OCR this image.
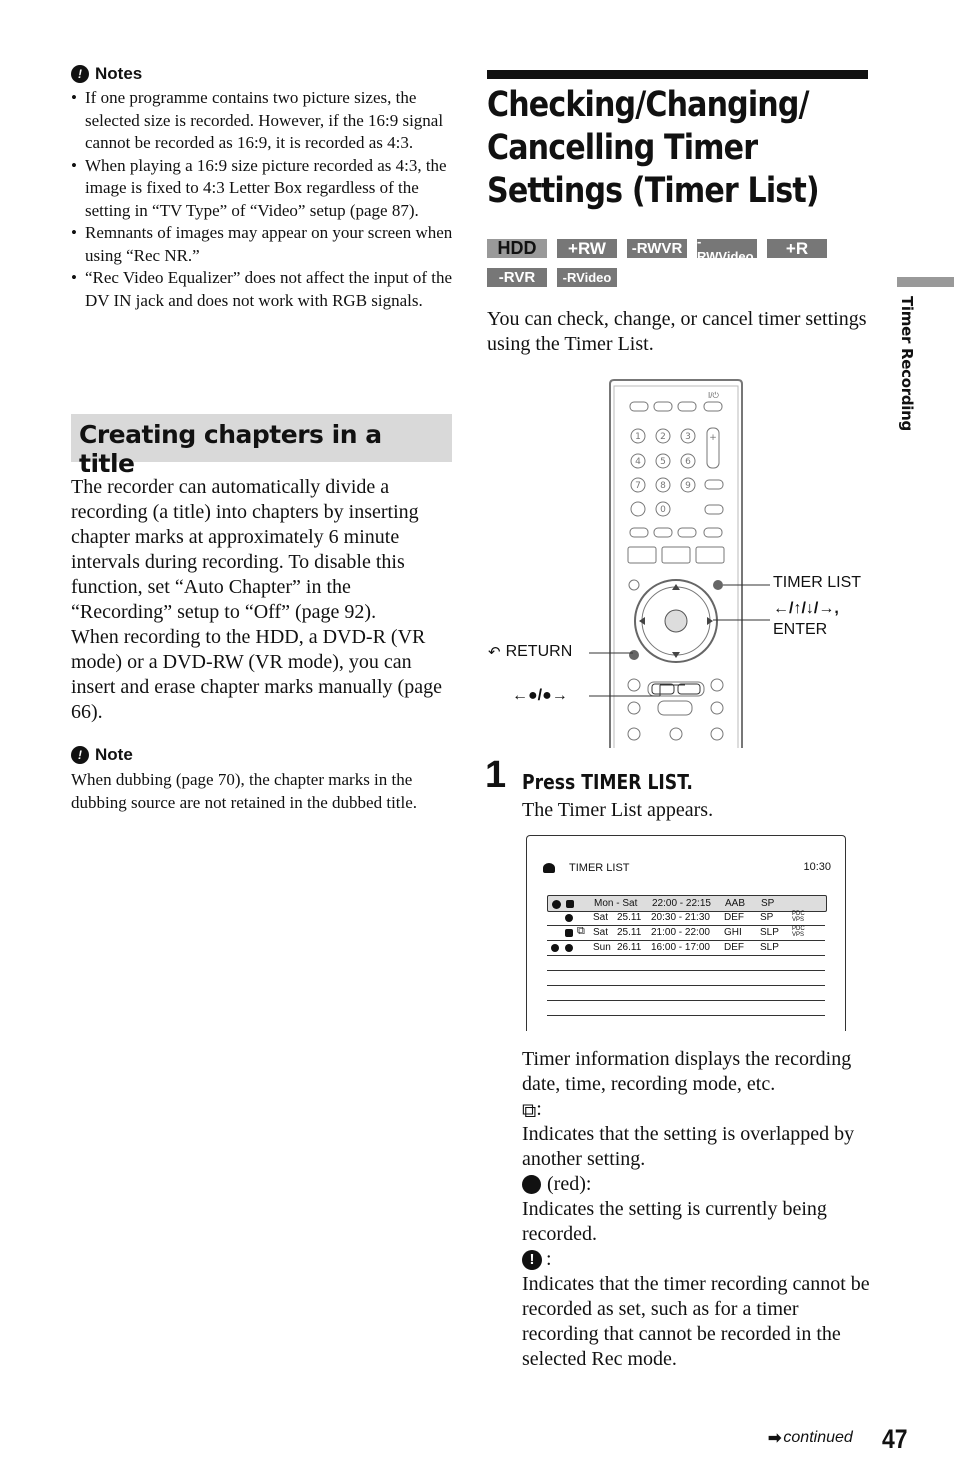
! Notes
• If one programme contains two picture sizes, the selected size is recorded. However, if the 16:9 signal cannot be recorded as 16:9, it is recorded as 4:3.
• When playing a 16:9 size picture recorded as 4:3, the image is fixed to 4:3 Letter Box regardless of the setting in “TV Type” of “Video” setup (page 87).
• Remnants of images may appear on your screen when using “Rec NR.”
• “Rec Video Equalizer” does not affect the input of the DV IN jack and does not work with RGB signals.
Creating chapters in a title
The recorder can automatically divide a recording (a title) into chapters by inserting chapter marks at approximately 6 minute intervals during recording. To disable this function, set “Auto Chapter” in the “Recording” setup to “Off” (page 92).
When recording to the HDD, a DVD-R (VR mode) or a DVD-RW (VR mode), you can insert and erase chapter marks manually (page 66).
! Note
When dubbing (page 70), the chapter marks in the dubbing source are not retained in the dubbed title.
Checking/Changing/
Cancelling Timer
Settings (Timer List)
HDD	+RW	-RWVR	-RWVideo	+R
-RVR	-RVideo
You can check, change, or cancel timer settings using the Timer List.
I/⏻
1 2 3
4 5 6
7 8 9
0
+
TIMER LIST
←/↑/↓/→,
ENTER
↶ RETURN
←●/●→
1 Press TIMER LIST.
The Timer List appears.
TIMER LIST	10:30
Mon - Sat 22:00 - 22:15 AAB SP
Sat 25.11 20:30 - 21:30 DEF SP	PDC VPS
⧉ Sat 25.11 21:00 - 22:00 GHI SLP PDC VPS
Sun 26.11 16:00 - 17:00 DEF SLP
Timer information displays the recording date, time, recording mode, etc.
⧉ :
Indicates that the setting is overlapped by another setting.
(red):
Indicates the setting is currently being recorded.
! :
Indicates that the timer recording cannot be recorded as set, such as for a timer recording that cannot be recorded in the selected Rec mode.
Timer Recording
➡ continued 47
